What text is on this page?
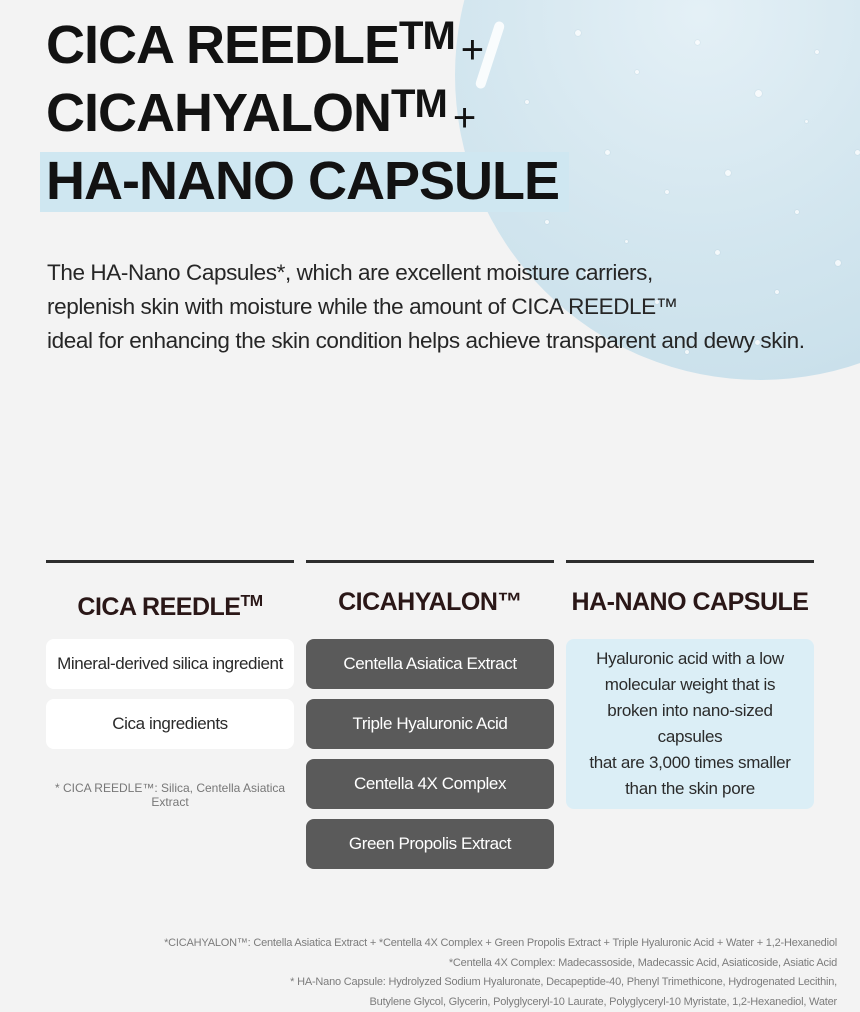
CICA REEDLE™ +
CICAHYALON™ +
HA-NANO CAPSULE
The HA-Nano Capsules*, which are excellent moisture carriers,
replenish skin with moisture while the amount of CICA REEDLE™
ideal for enhancing the skin condition helps achieve transparent and dewy skin.
CICA REEDLE™	CICAHYALON™	HA-NANO CAPSULE
Mineral-derived silica ingredient
Cica ingredients
* CICA REEDLE™: Silica, Centella Asiatica Extract
Centella Asiatica Extract
Triple Hyaluronic Acid
Centella 4X Complex
Green Propolis Extract
Hyaluronic acid with a low
molecular weight that is
broken into nano-sized capsules
that are 3,000 times smaller
than the skin pore
*CICAHYALON™: Centella Asiatica Extract + *Centella 4X Complex + Green Propolis Extract + Triple Hyaluronic Acid + Water + 1,2-Hexanediol
*Centella 4X Complex: Madecassoside, Madecassic Acid, Asiaticoside, Asiatic Acid
* HA-Nano Capsule: Hydrolyzed Sodium Hyaluronate, Decapeptide-40, Phenyl Trimethicone, Hydrogenated Lecithin,
Butylene Glycol, Glycerin, Polyglyceryl-10 Laurate, Polyglyceryl-10 Myristate, 1,2-Hexanediol, Water
